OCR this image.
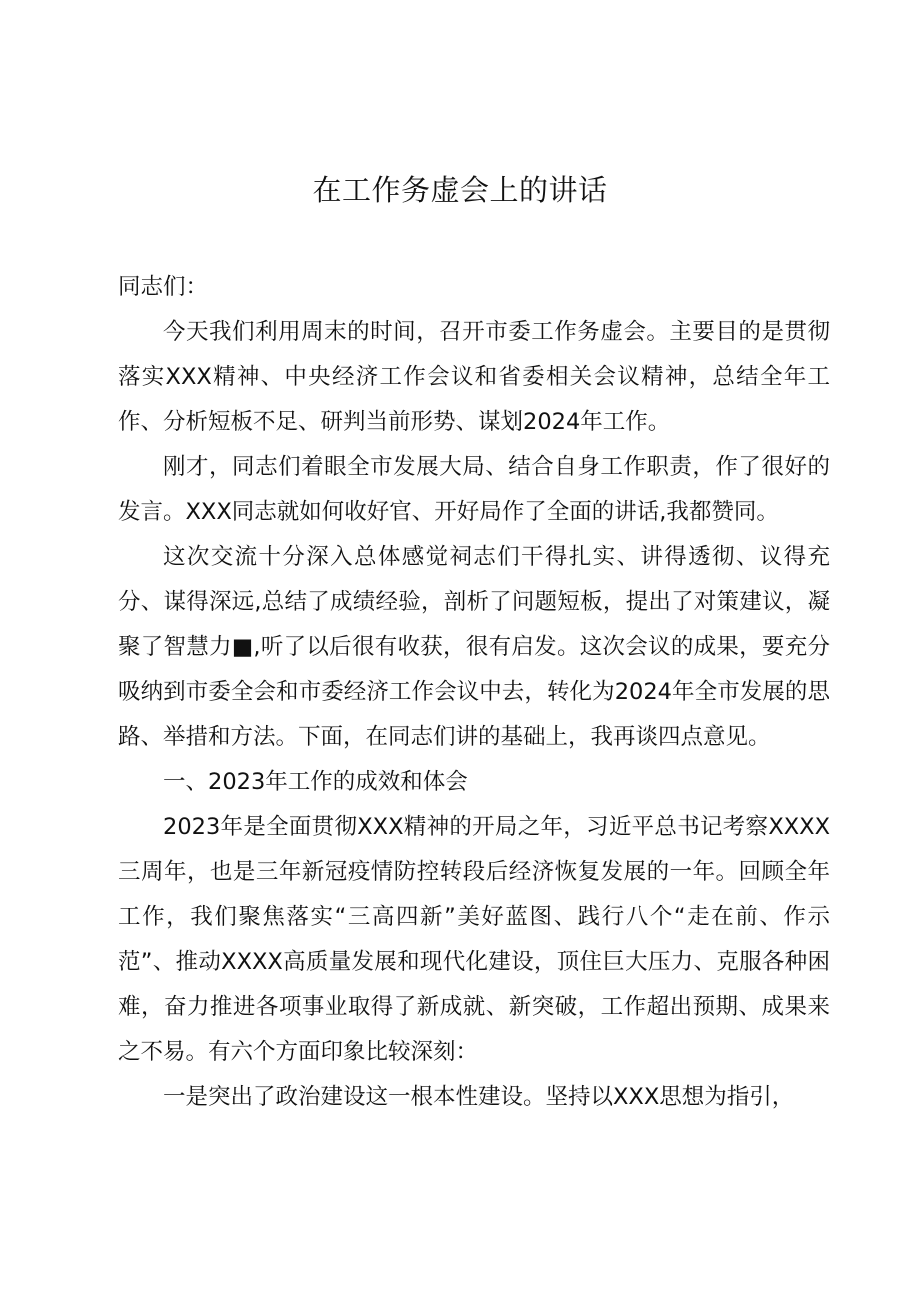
在工作务虚会上的讲话

同志们：

今天我们利用周末的时间，召开市委工作务虚会。主要目的是贯彻落实XXX精神、中央经济工作会议和省委相关会议精神，总结全年工作、分析短板不足、研判当前形势、谋划2024年工作。

刚才，同志们着眼全市发展大局、结合自身工作职责，作了很好的发言。XXX同志就如何收好官、开好局作了全面的讲话,我都赞同。

这次交流十分深入总体感觉祠志们干得扎实、讲得透彻、议得充分、谋得深远,总结了成绩经验，剖析了问题短板，提出了对策建议，凝聚了智慧力■,听了以后很有收获，很有启发。这次会议的成果，要充分吸纳到市委全会和市委经济工作会议中去，转化为2024年全市发展的思路、举措和方法。下面，在同志们讲的基础上，我再谈四点意见。

一、2023年工作的成效和体会

2023年是全面贯彻XXX精神的开局之年，习近平总书记考察XXXX三周年，也是三年新冠疫情防控转段后经济恢复发展的一年。回顾全年工作，我们聚焦落实“三高四新”美好蓝图、践行八个“走在前、作示范”、推动XXXX高质量发展和现代化建设，顶住巨大压力、克服各种困难，奋力推进各项事业取得了新成就、新突破，工作超出预期、成果来之不易。有六个方面印象比较深刻：

一是突出了政治建设这一根本性建设。坚持以XXX思想为指引，
